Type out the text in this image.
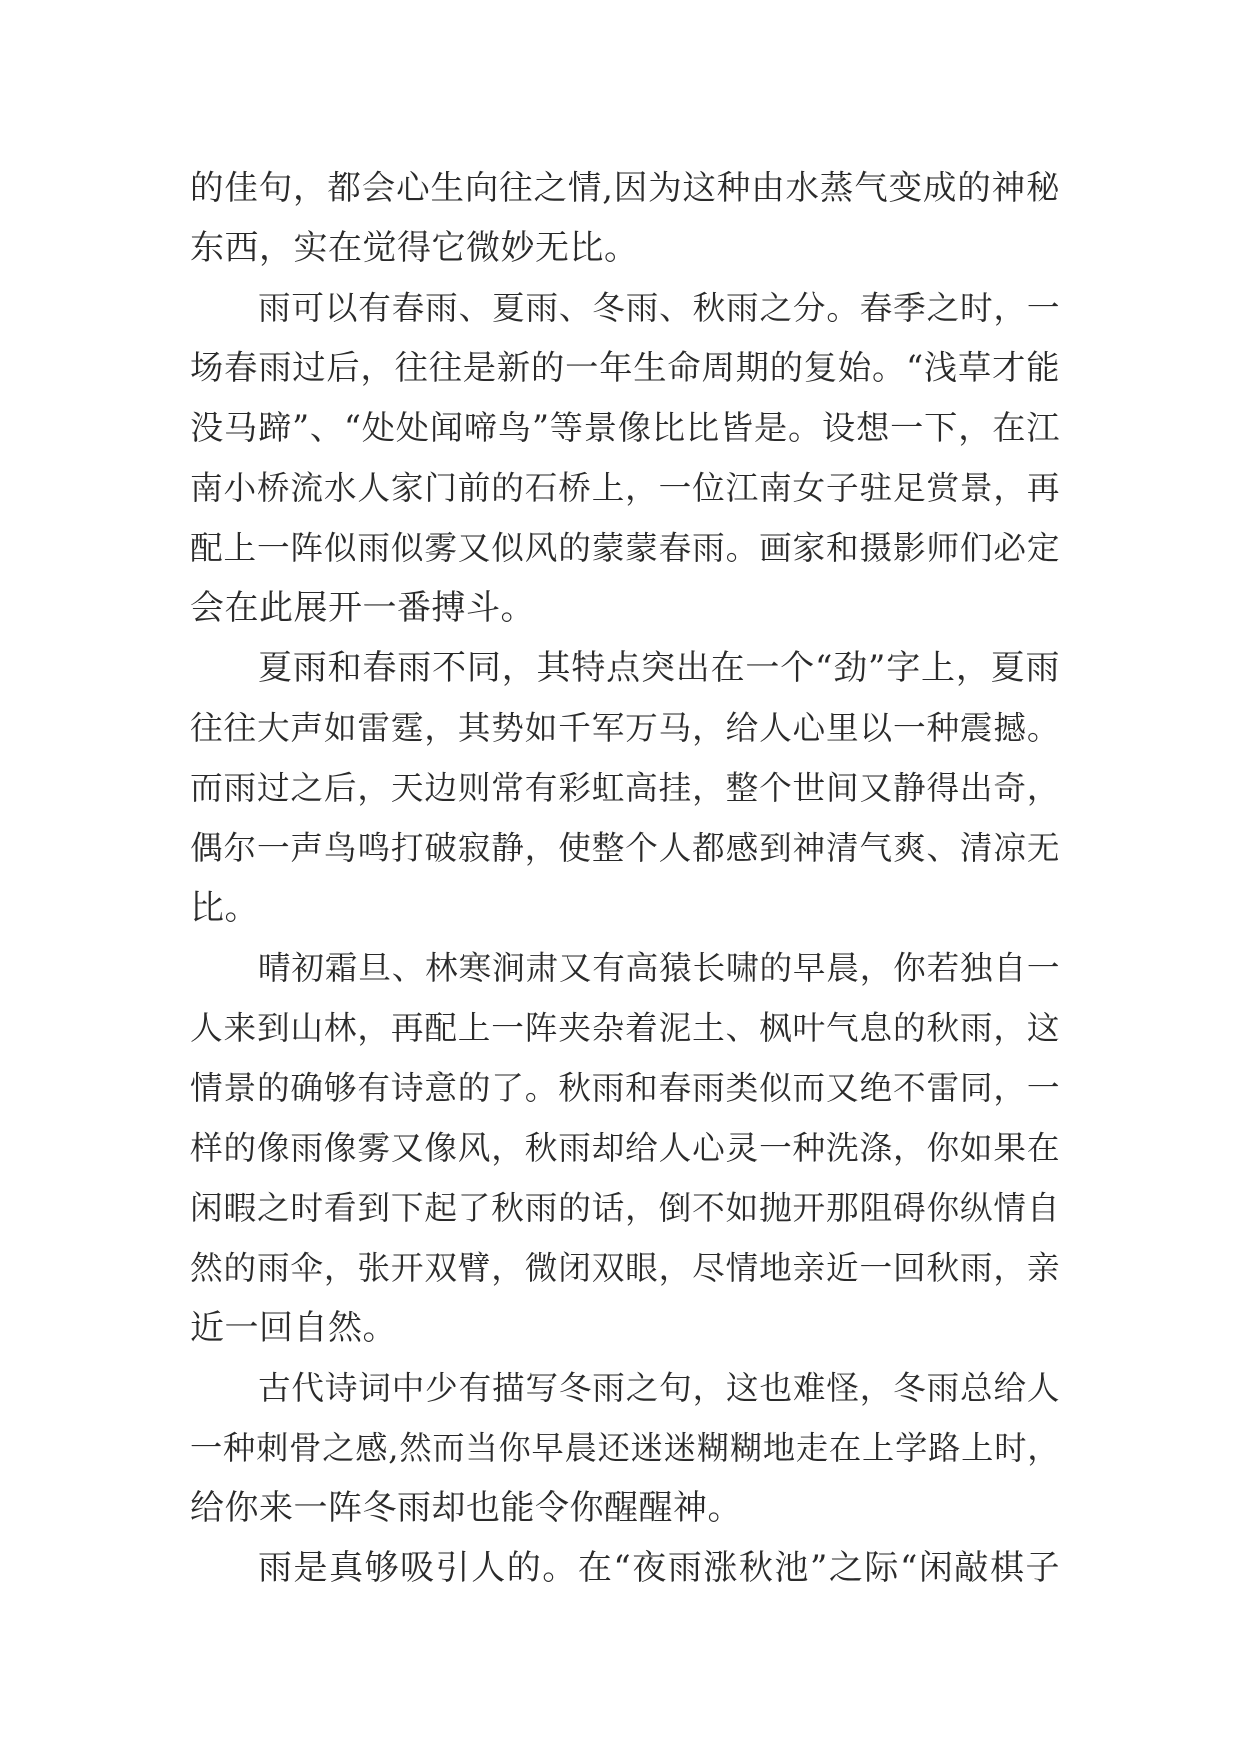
的佳句，都会心生向往之情,因为这种由水蒸气变成的神秘
东西，实在觉得它微妙无比。
雨可以有春雨、夏雨、冬雨、秋雨之分。春季之时，一
场春雨过后，往往是新的一年生命周期的复始。“浅草才能
没马蹄”、“处处闻啼鸟”等景像比比皆是。设想一下，在江
南小桥流水人家门前的石桥上，一位江南女子驻足赏景，再
配上一阵似雨似雾又似风的蒙蒙春雨。画家和摄影师们必定
会在此展开一番搏斗。
夏雨和春雨不同，其特点突出在一个“劲”字上，夏雨
往往大声如雷霆，其势如千军万马，给人心里以一种震撼。
而雨过之后，天边则常有彩虹高挂，整个世间又静得出奇，
偶尔一声鸟鸣打破寂静，使整个人都感到神清气爽、清凉无
比。
晴初霜旦、林寒涧肃又有高猿长啸的早晨，你若独自一
人来到山林，再配上一阵夹杂着泥土、枫叶气息的秋雨，这
情景的确够有诗意的了。秋雨和春雨类似而又绝不雷同，一
样的像雨像雾又像风，秋雨却给人心灵一种洗涤，你如果在
闲暇之时看到下起了秋雨的话，倒不如抛开那阻碍你纵情自
然的雨伞，张开双臂，微闭双眼，尽情地亲近一回秋雨，亲
近一回自然。
古代诗词中少有描写冬雨之句，这也难怪，冬雨总给人
一种刺骨之感,然而当你早晨还迷迷糊糊地走在上学路上时，
给你来一阵冬雨却也能令你醒醒神。
雨是真够吸引人的。在“夜雨涨秋池”之际“闲敲棋子
